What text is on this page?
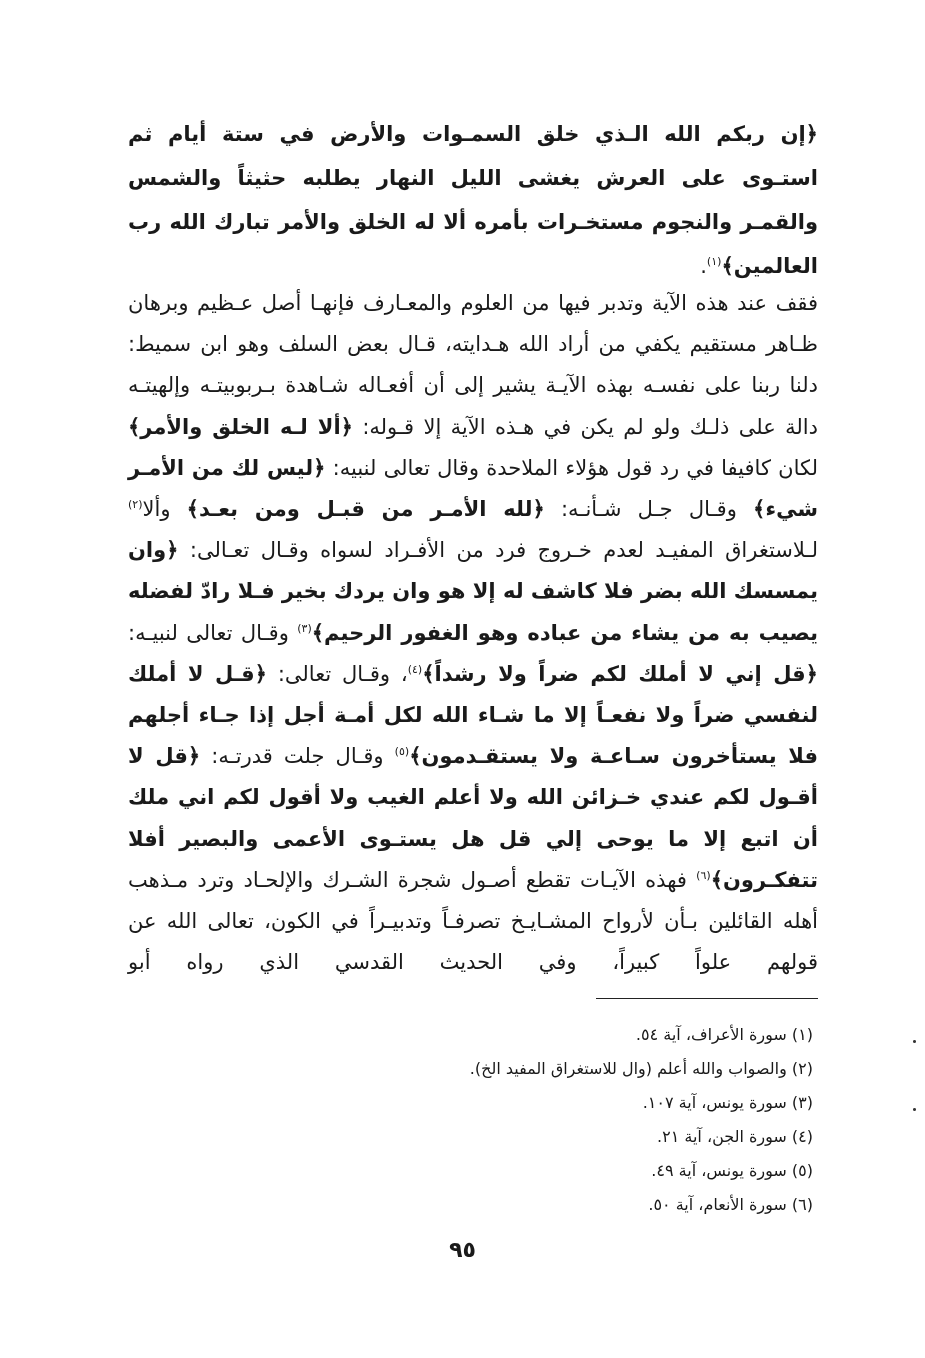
﴿إن ربكم الله الـذي خلق السمـوات والأرض في ستة أيام ثم استـوى على العرش يغشى الليل النهار يطلبه حثيثاً والشمس والقمـر والنجوم مستخـرات بأمره ألا له الخلق والأمر تبارك الله رب العالمين﴾$^{(١)}$.
فقف عند هذه الآية وتدبر فيها من العلوم والمعـارف فإنهـا أصل عـظيم وبرهان ظـاهر مستقيم يكفي من أراد الله هـدايته، قـال بعض السلف وهو ابن سميط: دلنا ربنا على نفسـه بهذه الآيـة يشير إلى أن أفعـاله شـاهدة بـربوبيتـه وإلهيتـه دالة على ذلـك ولو لم يكن في هـذه الآية إلا قـوله: ﴿ألا لـه الخلق والأمر﴾ لكان كافيفا في رد قول هؤلاء الملاحدة وقال تعالى لنبيه: ﴿ليس لك من الأمـر شيء﴾ وقـال جـل شـأنـه: ﴿لله الأمـر من قبـل ومن بعـد﴾ وألا$^{(٢)}$ لـلاستغراق المفيـد لعدم خـروج فرد من الأفـراد لسواه وقـال تعـالى: ﴿وان يمسسك الله بضر فلا كاشف له إلا هو وان يردك بخير فـلا رادّ لفضله يصيب به من يشاء من عباده وهو الغفور الرحيم﴾$^{(٣)}$ وقـال تعالى لنبيـه: ﴿قل إني لا أملك لكم ضراً ولا رشداً﴾$^{(٤)}$، وقـال تعالى: ﴿قـل لا أملك لنفسي ضراً ولا نفعـاً إلا ما شـاء الله لكل أمـة أجل إذا جـاء أجلهم فلا يستأخرون سـاعـة ولا يستقـدمون﴾$^{(٥)}$ وقـال جلت قدرتـه: ﴿قل لا أقـول لكم عندي خـزائن الله ولا أعلم الغيب ولا أقول لكم اني ملك أن اتبع إلا ما يوحى إلي قل هل يستـوى الأعمى والبصير أفلا تتفكـرون﴾$^{(٦)}$ فهذه الآيـات تقطع أصـول شجرة الشـرك والإلحـاد وترد مـذهب أهله القائلين بـأن لأرواح المشـايـخ تصرفـاً وتدبيـراً في الكون، تعالى الله عن قولهم علواً كبيراً، وفي الحديث القدسي الذي رواه أبو
(١) سورة الأعراف، آية ٥٤.
(٢) والصواب والله أعلم (وال للاستغراق المفيد الخ).
(٣) سورة يونس، آية ١٠٧.
(٤) سورة الجن، آية ٢١.
(٥) سورة يونس، آية ٤٩.
(٦) سورة الأنعام، آية ٥٠.
٩٥
